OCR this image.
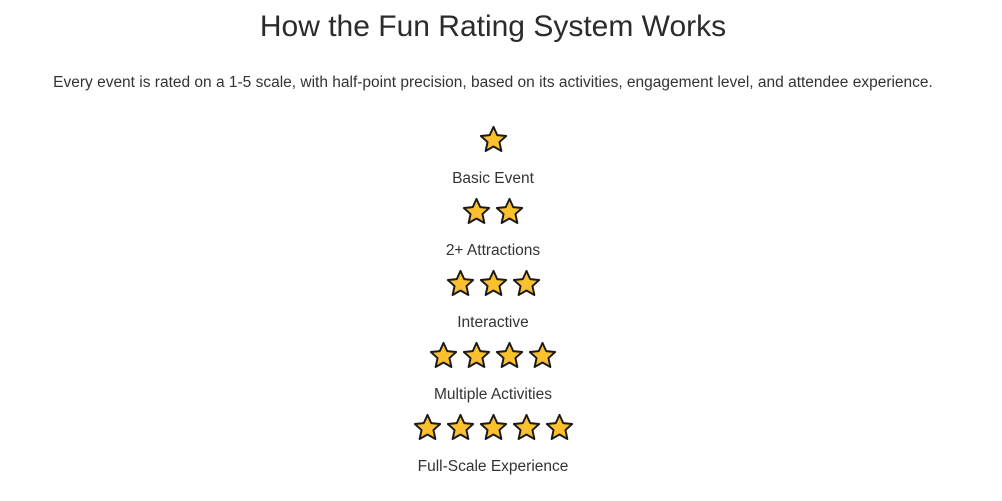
How the Fun Rating System Works

Every event is rated on a 1-5 scale, with half-point precision, based on its activities, engagement level, and attendee experience.

Basic Event
2+ Attractions
Interactive
Multiple Activities
Full-Scale Experience
